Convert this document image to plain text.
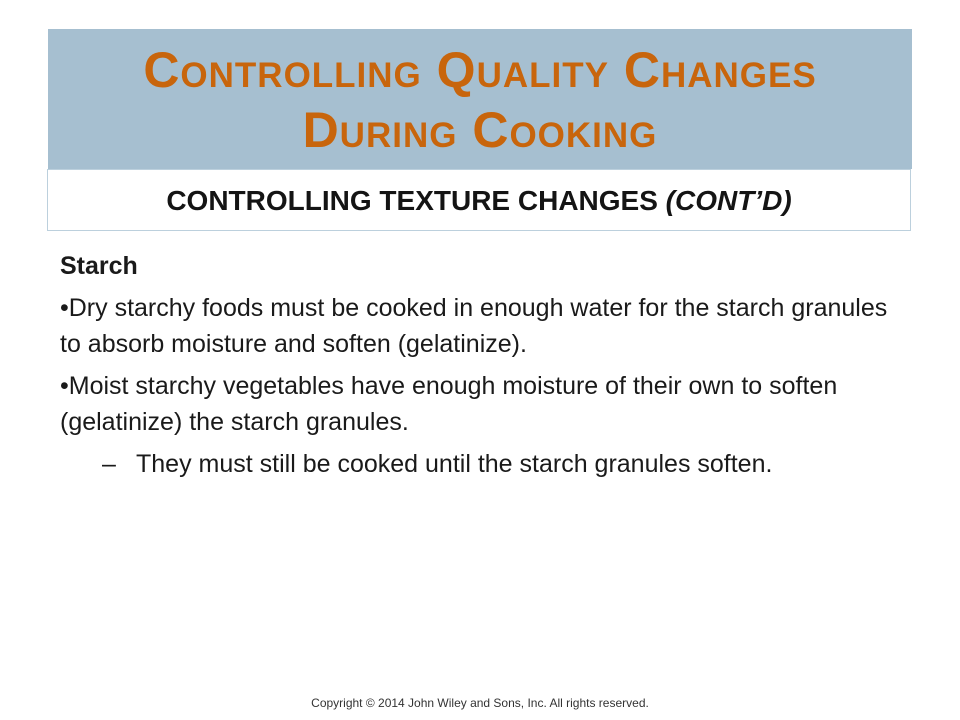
Controlling Quality Changes
During Cooking
CONTROLLING TEXTURE CHANGES (CONT’D)
Starch
•Dry starchy foods must be cooked in enough water for the starch granules to absorb moisture and soften (gelatinize).
•Moist starchy vegetables have enough moisture of their own to soften (gelatinize) the starch granules.
– They must still be cooked until the starch granules soften.
Copyright © 2014 John Wiley and Sons, Inc. All rights reserved.
